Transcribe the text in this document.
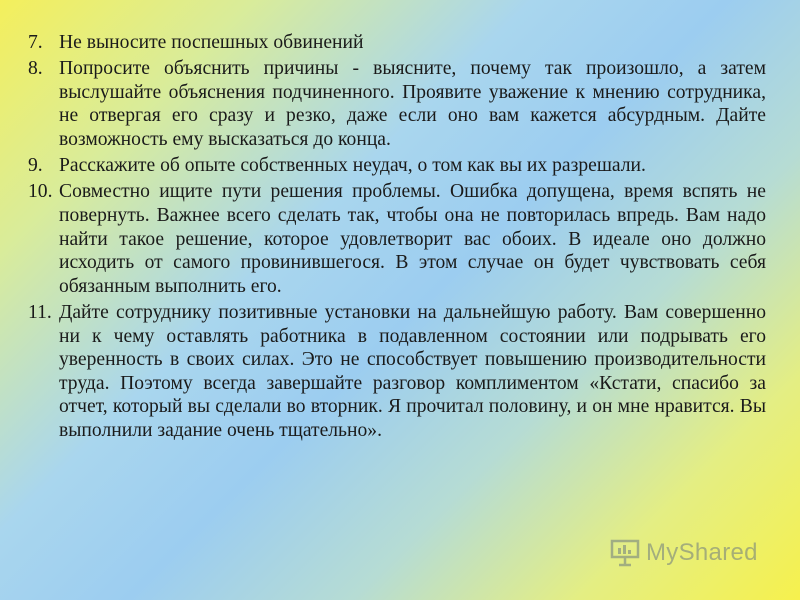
7. Не выносите поспешных обвинений
8. Попросите объяснить причины - выясните, почему так произошло, а затем выслушайте объяснения подчиненного. Проявите уважение к мнению сотрудника, не отвергая его сразу и резко, даже если оно вам кажется абсурдным. Дайте возможность ему высказаться до конца.
9. Расскажите об опыте собственных неудач, о том как вы их разрешали.
10. Совместно ищите пути решения проблемы. Ошибка допущена, время вспять не повернуть. Важнее всего сделать так, чтобы она не повторилась впредь. Вам надо найти такое решение, которое удовлетворит вас обоих. В идеале оно должно исходить от самого провинившегося. В этом случае он будет чувствовать себя обязанным выполнить его.
11. Дайте сотруднику позитивные установки на дальнейшую работу. Вам совершенно ни к чему оставлять работника в подавленном состоянии или подрывать его уверенность в своих силах. Это не способствует повышению производительности труда. Поэтому всегда завершайте разговор комплиментом «Кстати, спасибо за отчет, который вы сделали во вторник. Я прочитал половину, и он мне нравится. Вы выполнили задание очень тщательно».
MyShared
